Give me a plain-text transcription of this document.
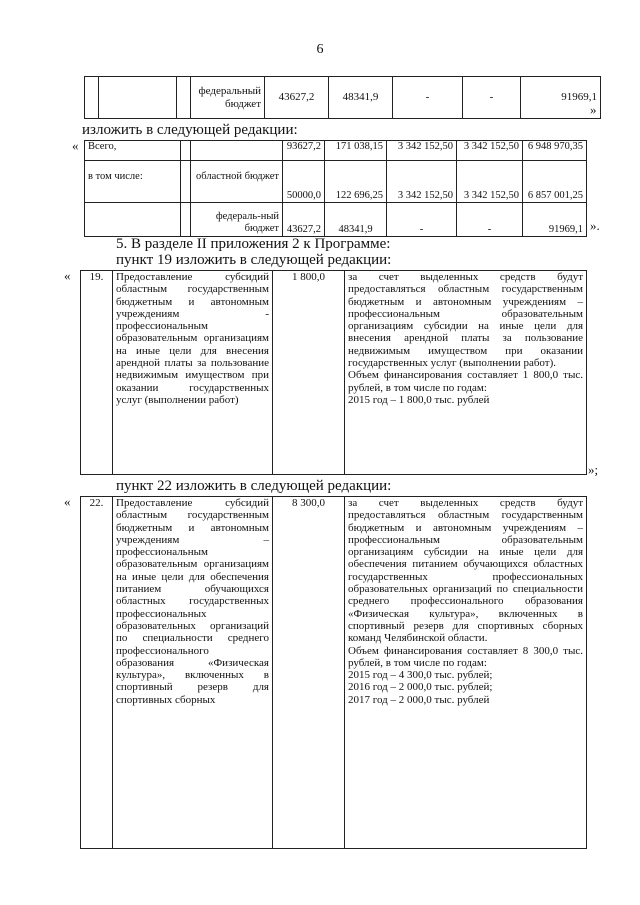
6
			федеральный бюджет	43627,2	48341,9	-	-	91969,1
»
изложить в следующей редакции:
« Всего,			93627,2	171 038,15	3 342 152,50	3 342 152,50	6 948 970,35
в том числе:		областной бюджет	50000,0	122 696,25	3 342 152,50	3 342 152,50	6 857 001,25
		федераль-ный бюджет	43627,2	48341,9	-	-	91969,1 ».
5. В разделе II приложения 2 к Программе:
пункт 19 изложить в следующей редакции:
« 19.	Предоставление субсидий областным государственным бюджетным и автономным учреждениям - профессиональным образовательным организациям на иные цели для внесения арендной платы за пользование недвижимым имуществом при оказании государственных услуг (выполнении работ)	1 800,0	за счет выделенных средств будут предоставляться областным государственным бюджетным и автономным учреждениям – профессиональным образовательным организациям субсидии на иные цели для внесения арендной платы за пользование недвижимым имуществом при оказании государственных услуг (выполнении работ).
Объем финансирования составляет 1 800,0 тыс. рублей, в том числе по годам:
2015 год – 1 800,0 тыс. рублей
»;
пункт 22 изложить в следующей редакции:
« 22.	Предоставление субсидий областным государственным бюджетным и автономным учреждениям – профессиональным образовательным организациям на иные цели для обеспечения питанием обучающихся областных государственных профессиональных образовательных организаций по специальности среднего профессионального образования «Физическая культура», включенных в спортивный резерв для спортивных сборных	8 300,0	за счет выделенных средств будут предоставляться областным государственным бюджетным и автономным учреждениям – профессиональным образовательным организациям субсидии на иные цели для обеспечения питанием обучающихся областных государственных профессиональных образовательных организаций по специальности среднего профессионального образования «Физическая культура», включенных в спортивный резерв для спортивных сборных команд Челябинской области.
Объем финансирования составляет 8 300,0 тыс. рублей, в том числе по годам:
2015 год – 4 300,0 тыс. рублей;
2016 год – 2 000,0 тыс. рублей;
2017 год – 2 000,0 тыс. рублей
